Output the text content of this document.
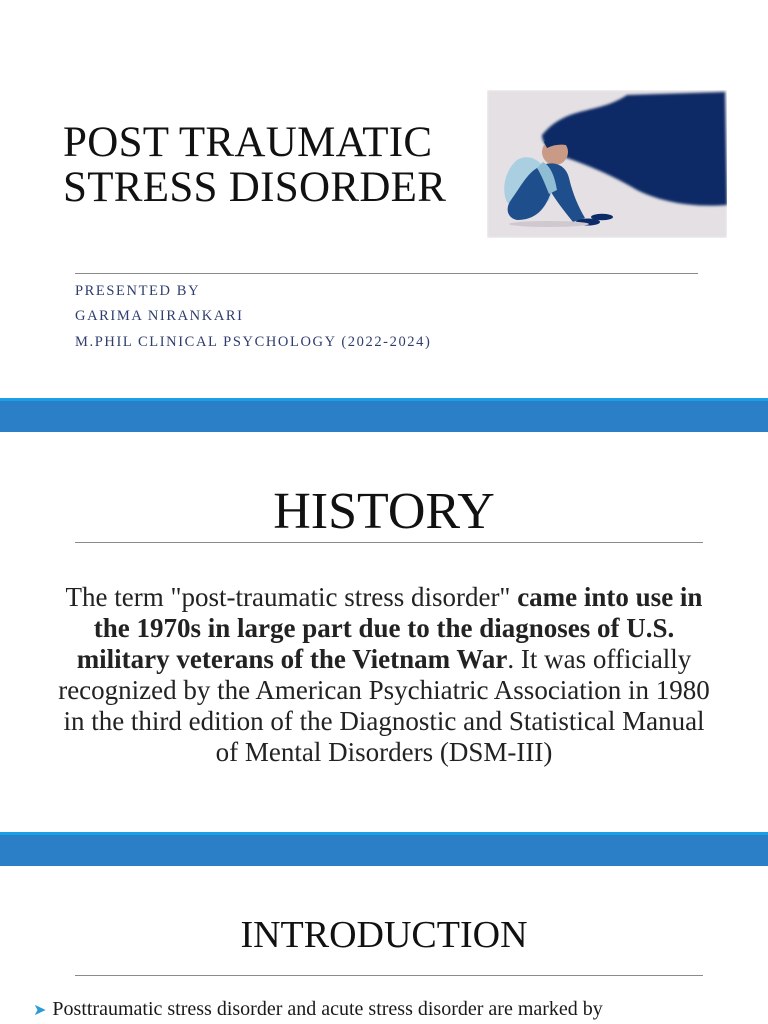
POST TRAUMATIC
STRESS DISORDER
PRESENTED BY
GARIMA NIRANKARI
M.PHIL CLINICAL PSYCHOLOGY (2022-2024)
HISTORY

The term "post-traumatic stress disorder" came into use in the 1970s in large part due to the diagnoses of U.S. military veterans of the Vietnam War. It was officially recognized by the American Psychiatric Association in 1980 in the third edition of the Diagnostic and Statistical Manual of Mental Disorders (DSM-III)

INTRODUCTION
➤ Posttraumatic stress disorder and acute stress disorder are marked by
